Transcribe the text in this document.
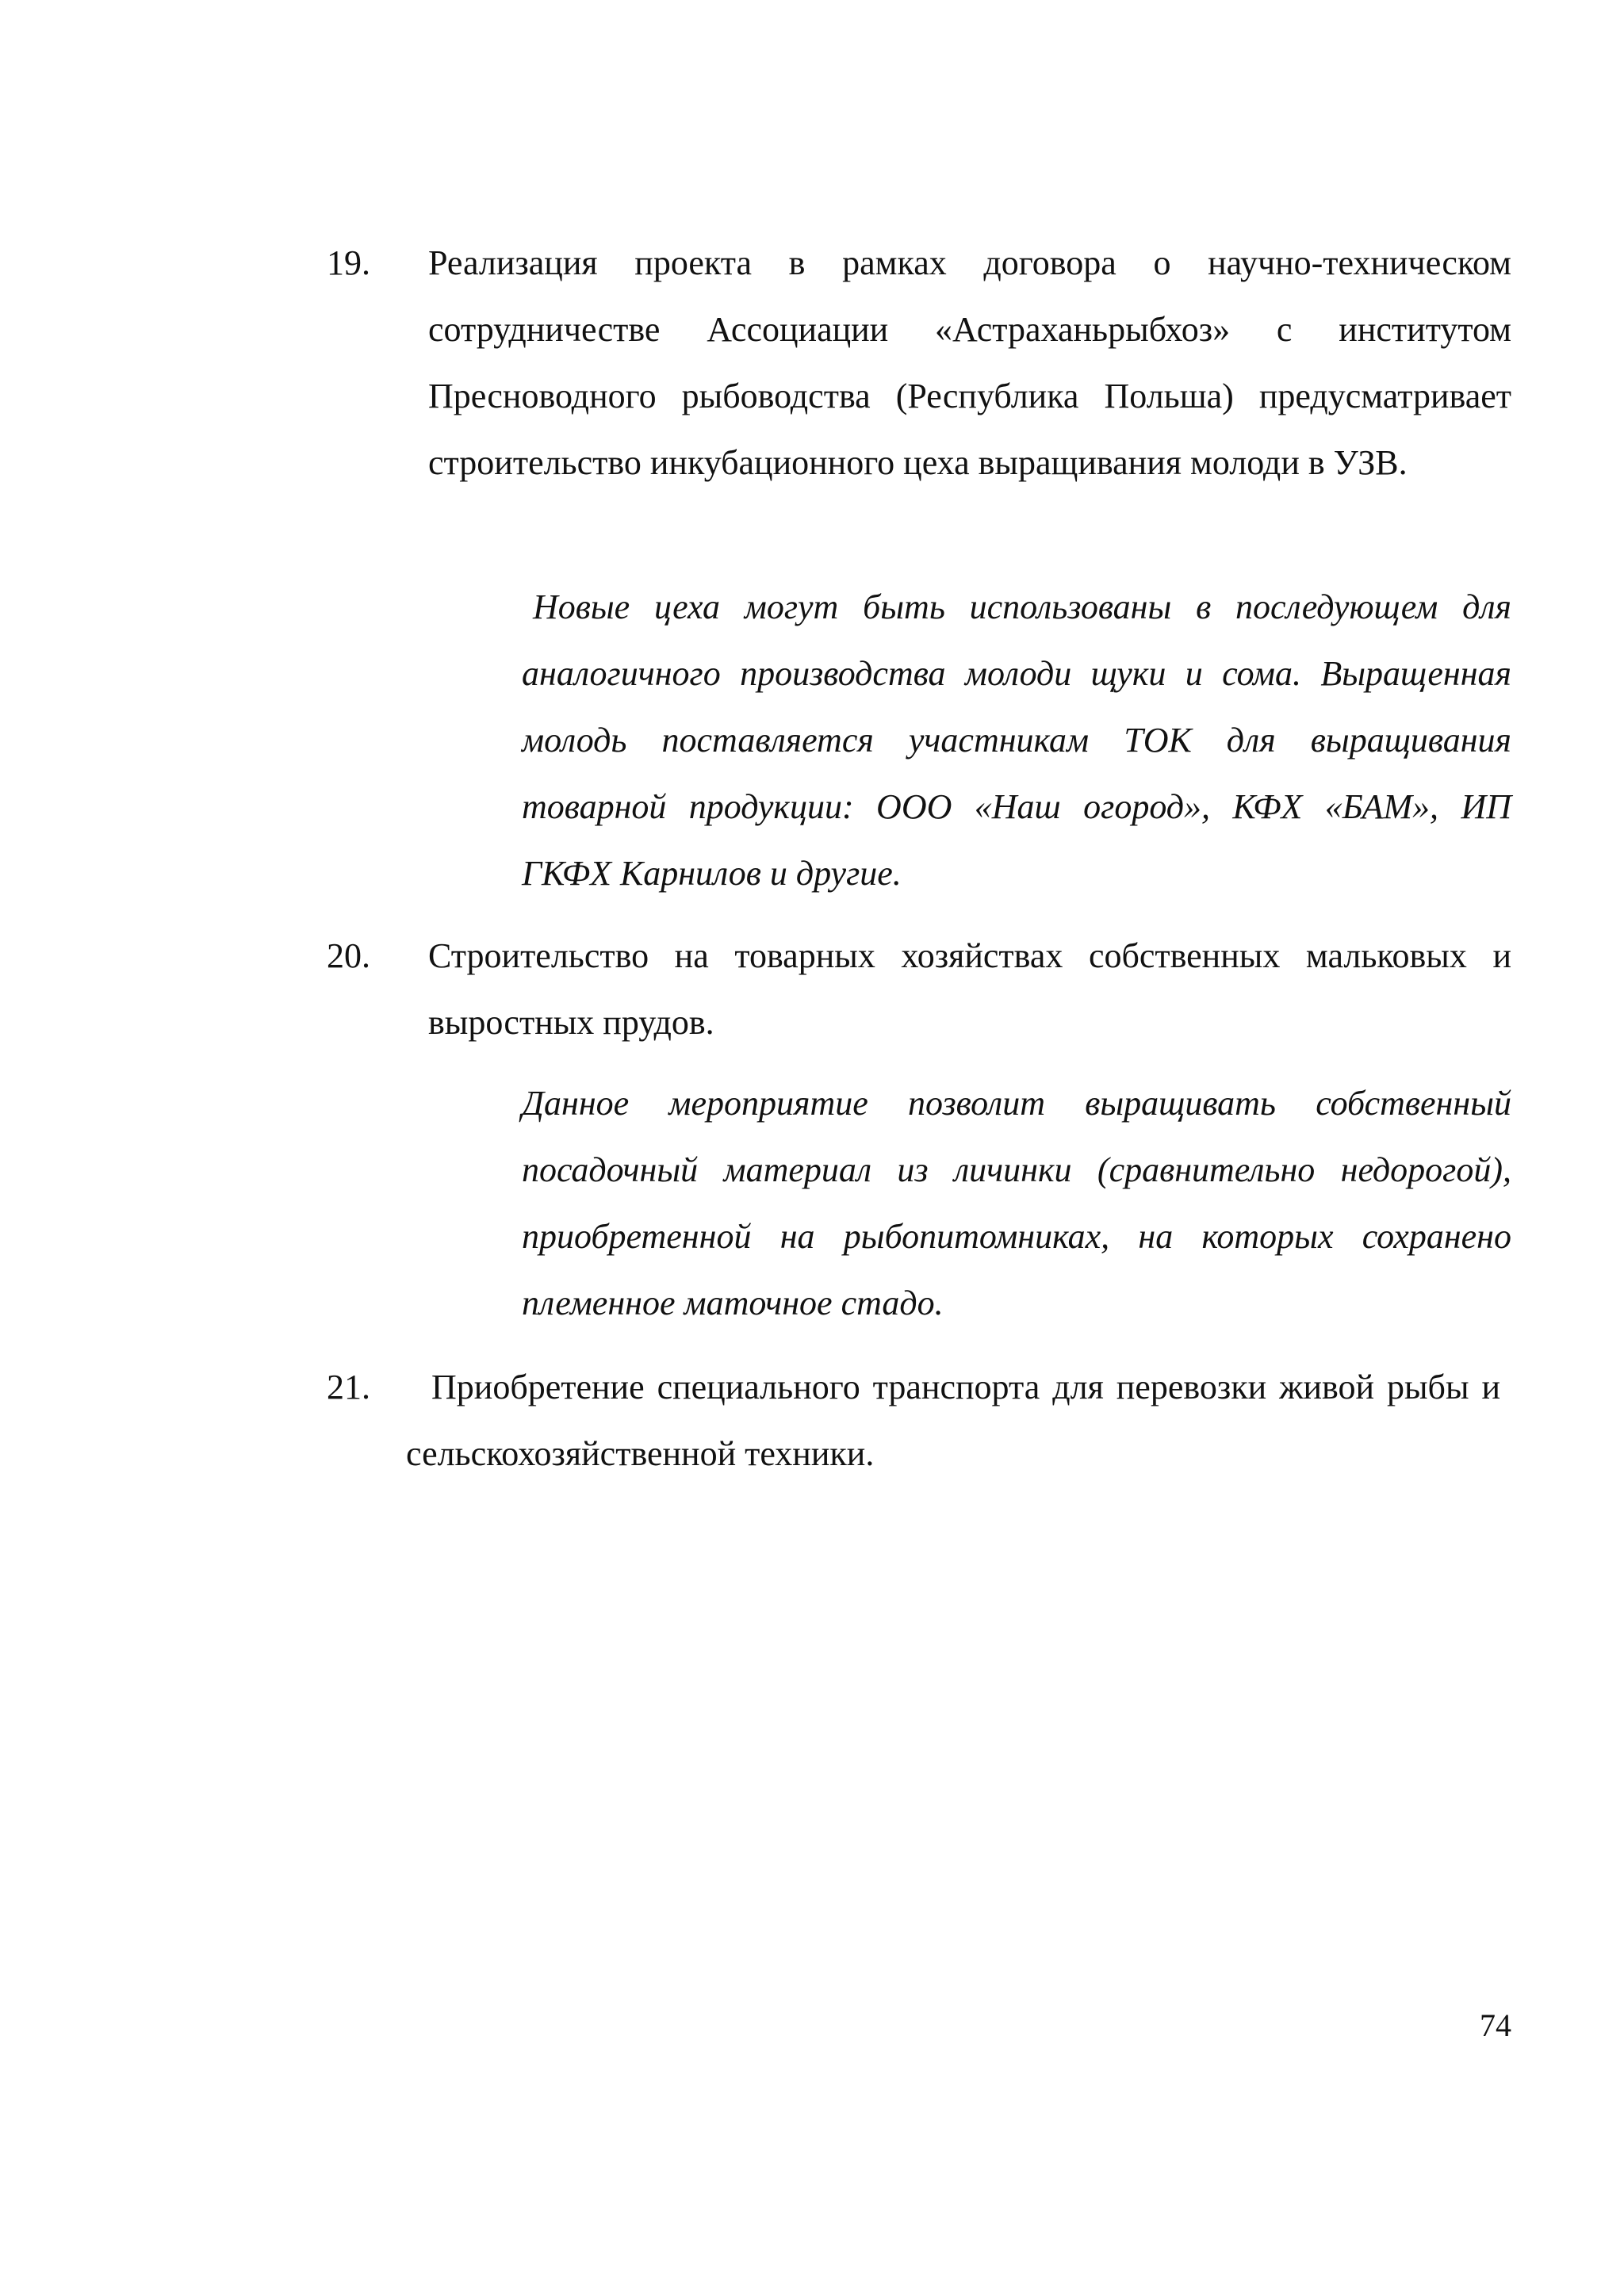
19. Реализация проекта в рамках договора о научно-техническом сотрудничестве Ассоциации «Астраханьрыбхоз» с институтом Пресноводного рыбоводства (Республика Польша) предусматривает строительство инкубационного цеха выращивания молоди в УЗВ.
Новые цеха могут быть использованы в последующем для аналогичного производства молоди щуки и сома. Выращенная молодь поставляется участникам ТОК для выращивания товарной продукции: ООО «Наш огород», КФХ «БАМ», ИП ГКФХ Карнилов и другие.
20. Строительство на товарных хозяйствах собственных мальковых и выростных прудов.
Данное мероприятие позволит выращивать собственный посадочный материал из личинки (сравнительно недорогой), приобретенной на рыбопитомниках, на которых сохранено племенное маточное стадо.
21.	Приобретение специального транспорта для перевозки живой рыбы и сельскохозяйственной техники.
74
